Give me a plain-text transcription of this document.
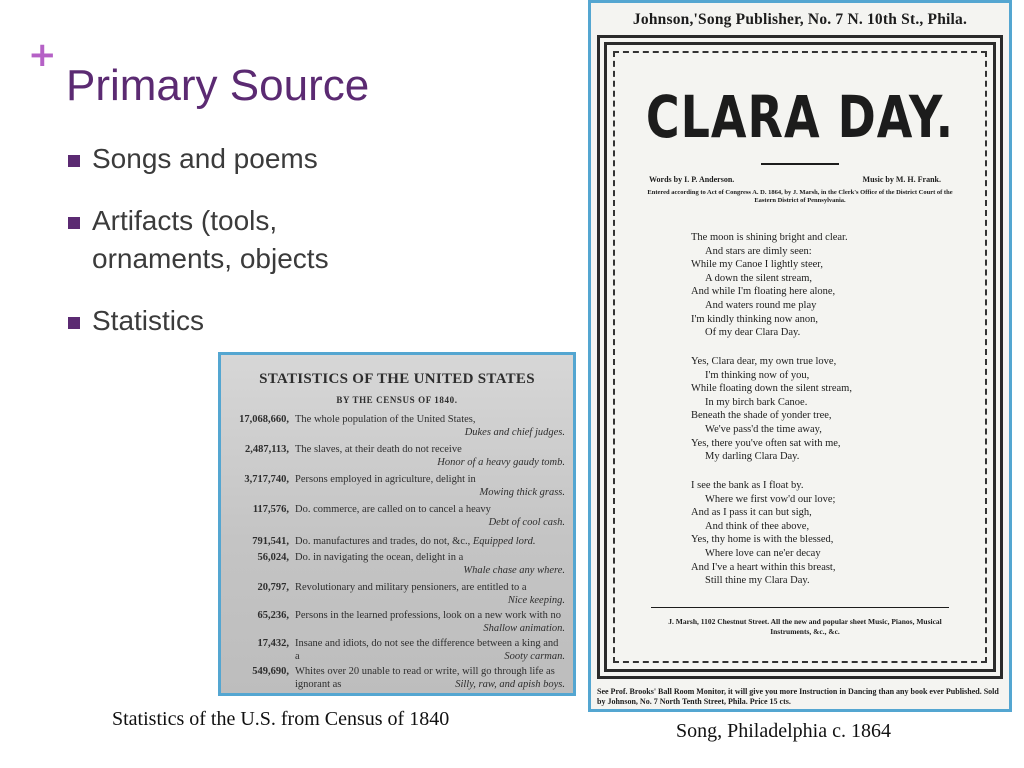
+
Primary Source
Songs and poems
Artifacts (tools, ornaments, objects
Statistics
STATISTICS OF THE UNITED STATES
BY THE CENSUS OF 1840.
17,068,660, The whole population of the United States,
Dukes and chief judges.
2,487,113, The slaves, at their death do not receive
Honor of a heavy gaudy tomb.
3,717,740, Persons employed in agriculture, delight in
Mowing thick grass.
117,576, Do. commerce, are called on to cancel a heavy
Debt of cool cash.
791,541, Do. manufactures and trades, do not, &c., Equipped lord.
56,024, Do. in navigating the ocean, delight in a
Whale chase any where.
20,797, Revolutionary and military pensioners, are entitled to a
Nice keeping.
65,236, Persons in the learned professions, look on a new work with no
Shallow animation.
17,432, Insane and idiots, do not see the difference between a king and a	Sooty carman.
549,690, Whites over 20 unable to read or write, will go through life as ignorant as	Silly, raw, and apish boys.
Johnson,'Song Publisher, No. 7 N. 10th St., Phila.
CLARA DAY.
Words by I. P. Anderson.	Music by M. H. Frank.
Entered according to Act of Congress A. D. 1864, by J. Marsh, in the Clerk's Office of the District Court of the Eastern District of Pennsylvania.
The moon is shining bright and clear.
And stars are dimly seen:
While my Canoe I lightly steer,
A down the silent stream,
And while I'm floating here alone,
And waters round me play
I'm kindly thinking now anon,
Of my dear Clara Day.
Yes, Clara dear, my own true love,
I'm thinking now of you,
While floating down the silent stream,
In my birch bark Canoe.
Beneath the shade of yonder tree,
We've pass'd the time away,
Yes, there you've often sat with me,
My darling Clara Day.
I see the bank as I float by.
Where we first vow'd our love;
And as I pass it can but sigh,
And think of thee above,
Yes, thy home is with the blessed,
Where love can ne'er decay
And I've a heart within this breast,
Still thine my Clara Day.
J. Marsh, 1102 Chestnut Street. All the new and popular sheet Music, Pianos, Musical Instruments, &c., &c.
See Prof. Brooks' Ball Room Monitor, it will give you more Instruction in Dancing than any book ever Published. Sold by Johnson, No. 7 North Tenth Street, Phila. Price 15 cts.
Statistics of the U.S. from Census of 1840
Song, Philadelphia c. 1864
